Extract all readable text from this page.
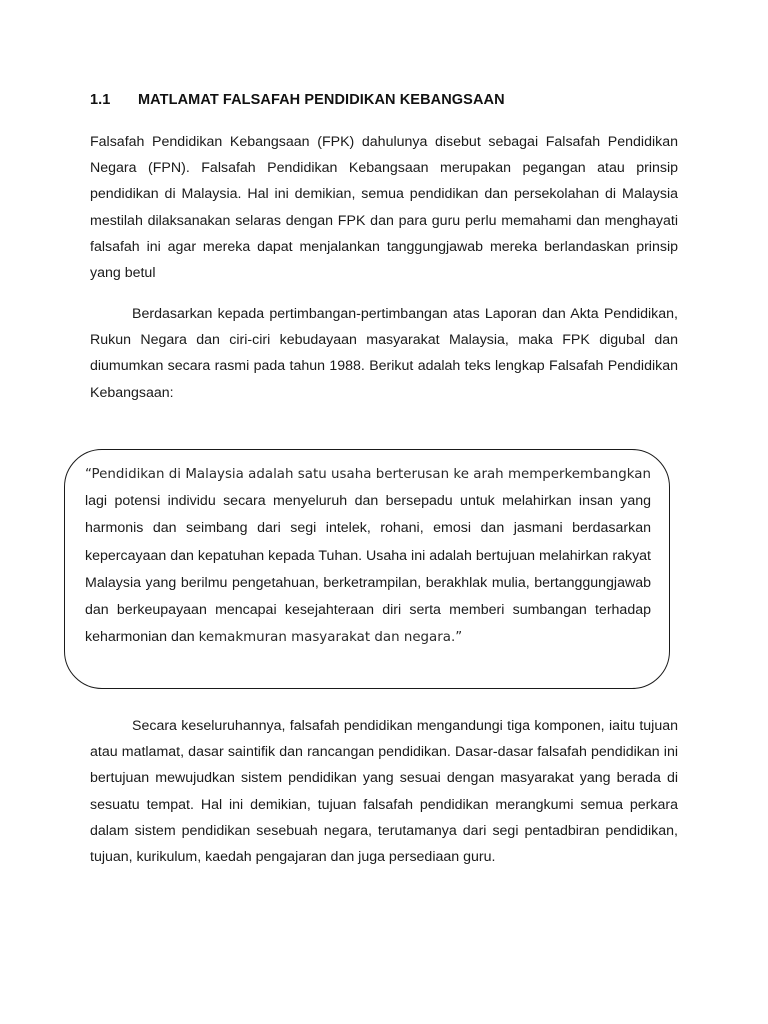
1.1 MATLAMAT FALSAFAH PENDIDIKAN KEBANGSAAN

Falsafah Pendidikan Kebangsaan (FPK) dahulunya disebut sebagai Falsafah Pendidikan Negara (FPN). Falsafah Pendidikan Kebangsaan merupakan pegangan atau prinsip pendidikan di Malaysia. Hal ini demikian, semua pendidikan dan persekolahan di Malaysia mestilah dilaksanakan selaras dengan FPK dan para guru perlu memahami dan menghayati falsafah ini agar mereka dapat menjalankan tanggungjawab mereka berlandaskan prinsip yang betul

Berdasarkan kepada pertimbangan-pertimbangan atas Laporan dan Akta Pendidikan, Rukun Negara dan ciri-ciri kebudayaan masyarakat Malaysia, maka FPK digubal dan diumumkan secara rasmi pada tahun 1988. Berikut adalah teks lengkap Falsafah Pendidikan Kebangsaan:

“Pendidikan di Malaysia adalah satu usaha berterusan ke arah memperkembangkan lagi potensi individu secara menyeluruh dan bersepadu untuk melahirkan insan yang harmonis dan seimbang dari segi intelek, rohani, emosi dan jasmani berdasarkan kepercayaan dan kepatuhan kepada Tuhan. Usaha ini adalah bertujuan melahirkan rakyat Malaysia yang berilmu pengetahuan, berketrampilan, berakhlak mulia, bertanggungjawab dan berkeupayaan mencapai kesejahteraan diri serta memberi sumbangan terhadap keharmonian dan kemakmuran masyarakat dan negara.”

Secara keseluruhannya, falsafah pendidikan mengandungi tiga komponen, iaitu tujuan atau matlamat, dasar saintifik dan rancangan pendidikan. Dasar-dasar falsafah pendidikan ini bertujuan mewujudkan sistem pendidikan yang sesuai dengan masyarakat yang berada di sesuatu tempat. Hal ini demikian, tujuan falsafah pendidikan merangkumi semua perkara dalam sistem pendidikan sesebuah negara, terutamanya dari segi pentadbiran pendidikan, tujuan, kurikulum, kaedah pengajaran dan juga persediaan guru.
